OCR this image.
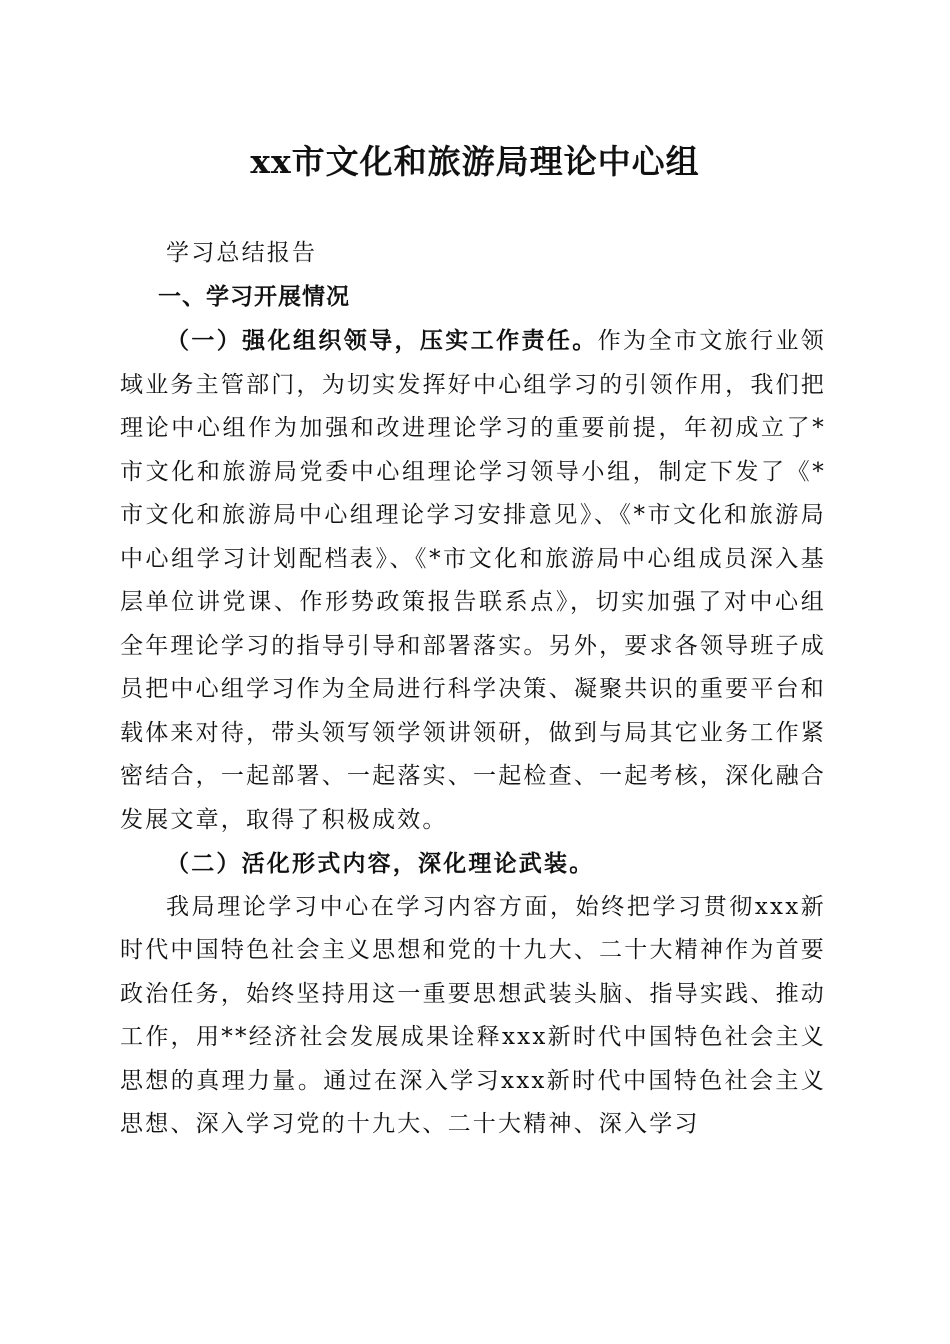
xx市文化和旅游局理论中心组

学习总结报告

一、学习开展情况

（一）强化组织领导，压实工作责任。作为全市文旅行业领域业务主管部门，为切实发挥好中心组学习的引领作用，我们把理论中心组作为加强和改进理论学习的重要前提，年初成立了*市文化和旅游局党委中心组理论学习领导小组，制定下发了《*市文化和旅游局中心组理论学习安排意见》、《*市文化和旅游局中心组学习计划配档表》、《*市文化和旅游局中心组成员深入基层单位讲党课、作形势政策报告联系点》，切实加强了对中心组全年理论学习的指导引导和部署落实。另外，要求各领导班子成员把中心组学习作为全局进行科学决策、凝聚共识的重要平台和载体来对待，带头领写领学领讲领研，做到与局其它业务工作紧密结合，一起部署、一起落实、一起检查、一起考核，深化融合发展文章，取得了积极成效。

（二）活化形式内容，深化理论武装。

我局理论学习中心在学习内容方面，始终把学习贯彻xxx新时代中国特色社会主义思想和党的十九大、二十大精神作为首要政治任务，始终坚持用这一重要思想武装头脑、指导实践、推动工作，用**经济社会发展成果诠释xxx新时代中国特色社会主义思想的真理力量。通过在深入学习xxx新时代中国特色社会主义思想、深入学习党的十九大、二十大精神、深入学习
